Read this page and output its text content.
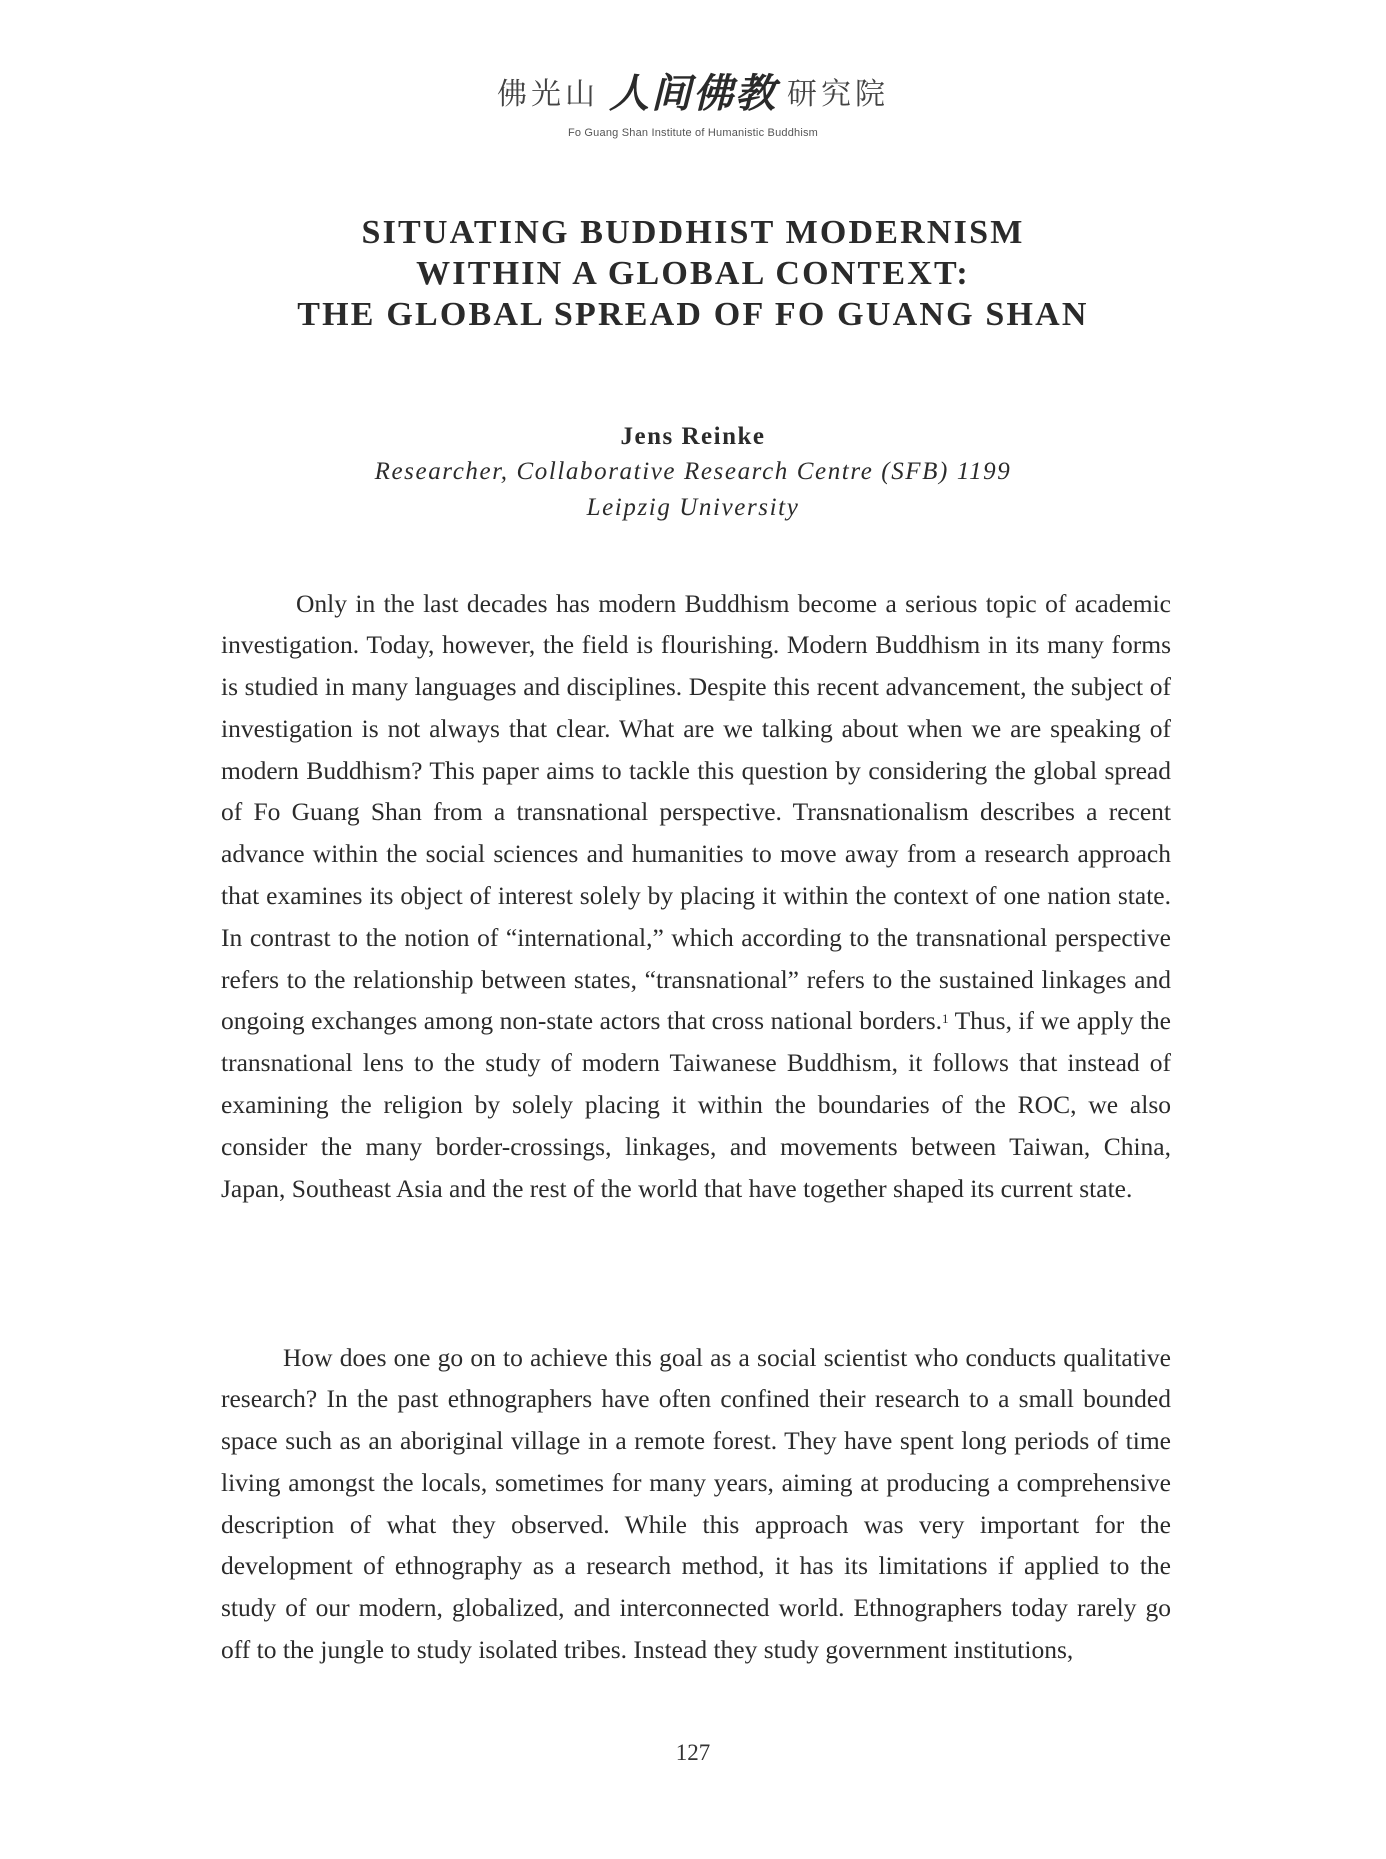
佛光山 人间佛教 研究院
Fo Guang Shan Institute of Humanistic Buddhism
SITUATING BUDDHIST MODERNISM
WITHIN A GLOBAL CONTEXT:
THE GLOBAL SPREAD OF FO GUANG SHAN
Jens Reinke
Researcher, Collaborative Research Centre (SFB) 1199
Leipzig University

Only in the last decades has modern Buddhism become a serious topic of academic investigation. Today, however, the field is flourishing. Modern Buddhism in its many forms is studied in many languages and disciplines. Despite this recent advancement, the subject of investigation is not always that clear. What are we talking about when we are speaking of modern Buddhism? This paper aims to tackle this question by considering the global spread of Fo Guang Shan from a transnational perspective. Transnationalism describes a recent advance within the social sciences and humanities to move away from a research approach that examines its object of interest solely by placing it within the context of one nation state. In contrast to the notion of “international,” which according to the transnational perspective refers to the relationship between states, “transnational” refers to the sustained linkages and ongoing exchanges among non-state actors that cross national borders.$^1$ Thus, if we apply the transnational lens to the study of modern Taiwanese Buddhism, it follows that instead of examining the religion by solely placing it within the boundaries of the ROC, we also consider the many border-crossings, linkages, and movements between Taiwan, China, Japan, Southeast Asia and the rest of the world that have together shaped its current state.

How does one go on to achieve this goal as a social scientist who conducts qualitative research? In the past ethnographers have often confined their research to a small bounded space such as an aboriginal village in a remote forest. They have spent long periods of time living amongst the locals, sometimes for many years, aiming at producing a comprehensive description of what they observed. While this approach was very important for the development of ethnography as a research method, it has its limitations if applied to the study of our modern, globalized, and interconnected world. Ethnographers today rarely go off to the jungle to study isolated tribes. Instead they study government institutions,

127
